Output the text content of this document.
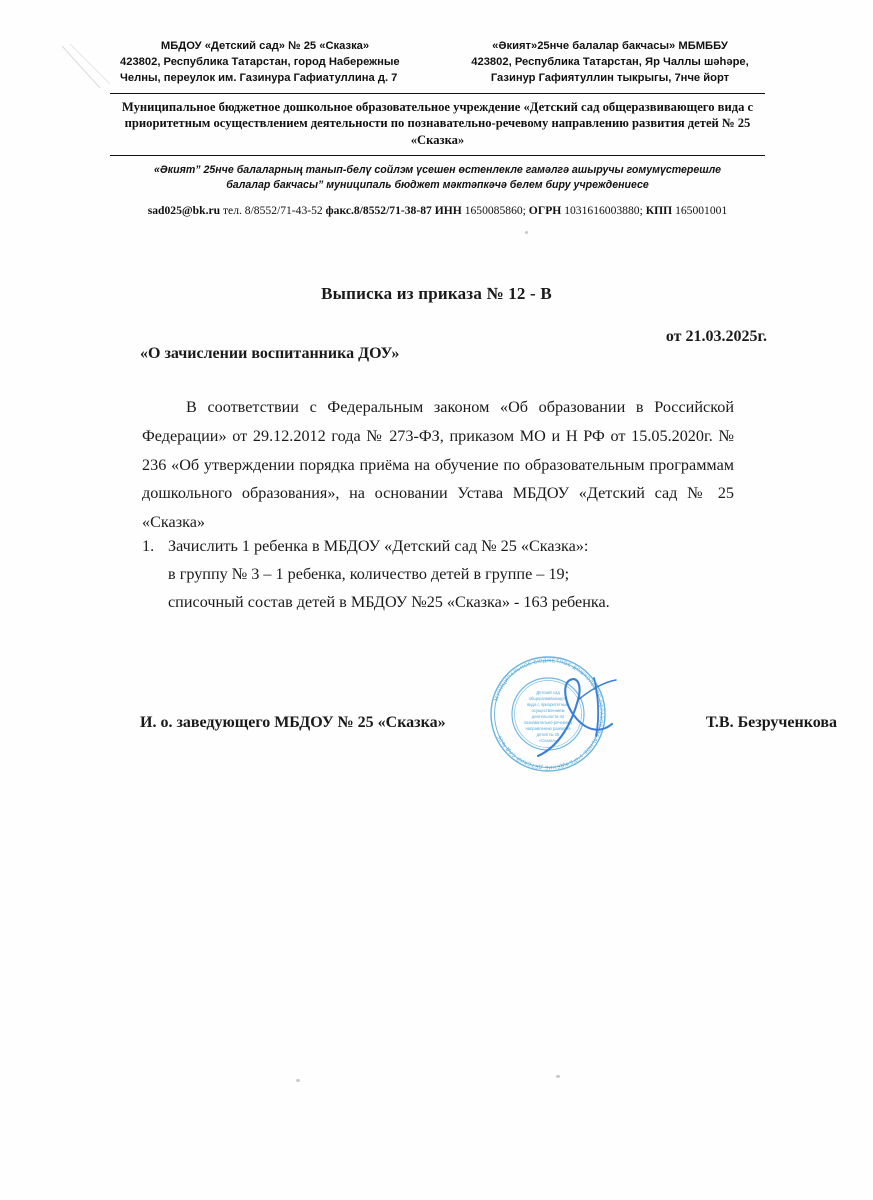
МБДОУ «Детский сад» № 25 «Сказка»
423802, Республика Татарстан, город Набережные
Челны, переулок им. Газинура Гафиатуллина д. 7
«Әкият»25нче балалар бакчасы» МБМББУ
423802, Республика Татарстан, Яр Чаллы шәһәре,
Газинур Гафиятуллин тыкрыгы, 7нче йорт
Муниципальное бюджетное дошкольное образовательное учреждение «Детский сад общеразвивающего вида с приоритетным осуществлением деятельности по познавательно-речевому направлению развития детей № 25 «Сказка»
«Әкият” 25нче балаларның танып-белү сойлэм үсешен өстенлекле гамәлгә ашыручы гомумүстерешле балалар бакчасы” муниципаль бюджет мәктәпкәчә белем биру учреждениесе
sad025@bk.ru тел. 8/8552/71-43-52 факс.8/8552/71-38-87 ИНН 1650085860; ОГРН 1031616003880; КПП 165001001
Выписка из приказа № 12 - В
от 21.03.2025г.
«О зачислении воспитанника ДОУ»
В соответствии с Федеральным законом «Об образовании в Российской Федерации» от 29.12.2012 года № 273-ФЗ, приказом МО и Н РФ от 15.05.2020г. № 236 «Об утверждении порядка приёма на обучение по образовательным программам дошкольного образования», на основании Устава МБДОУ «Детский сад № 25 «Сказка»
1. Зачислить 1 ребенка в МБДОУ «Детский сад № 25 «Сказка»:
в группу № 3 – 1 ребенка, количество детей в группе – 19;
списочный состав детей в МБДОУ №25 «Сказка» - 163 ребенка.
МУНИЦИПАЛЬНОЕ БЮДЖЕТНОЕ ДОШКОЛЬНОЕ ОБРАЗОВАТЕЛЬНОЕ УЧРЕЖДЕНИЕ ДЕТСКИЙ САД №25
Детский сад
общеразвивающего
вида с приоритетным
осуществлением
деятельности по
познавательно-речевому
направлению развития
детей № 25
«Сказка»
И. о. заведующего МБДОУ № 25 «Сказка»	Т.В. Безрученкова
